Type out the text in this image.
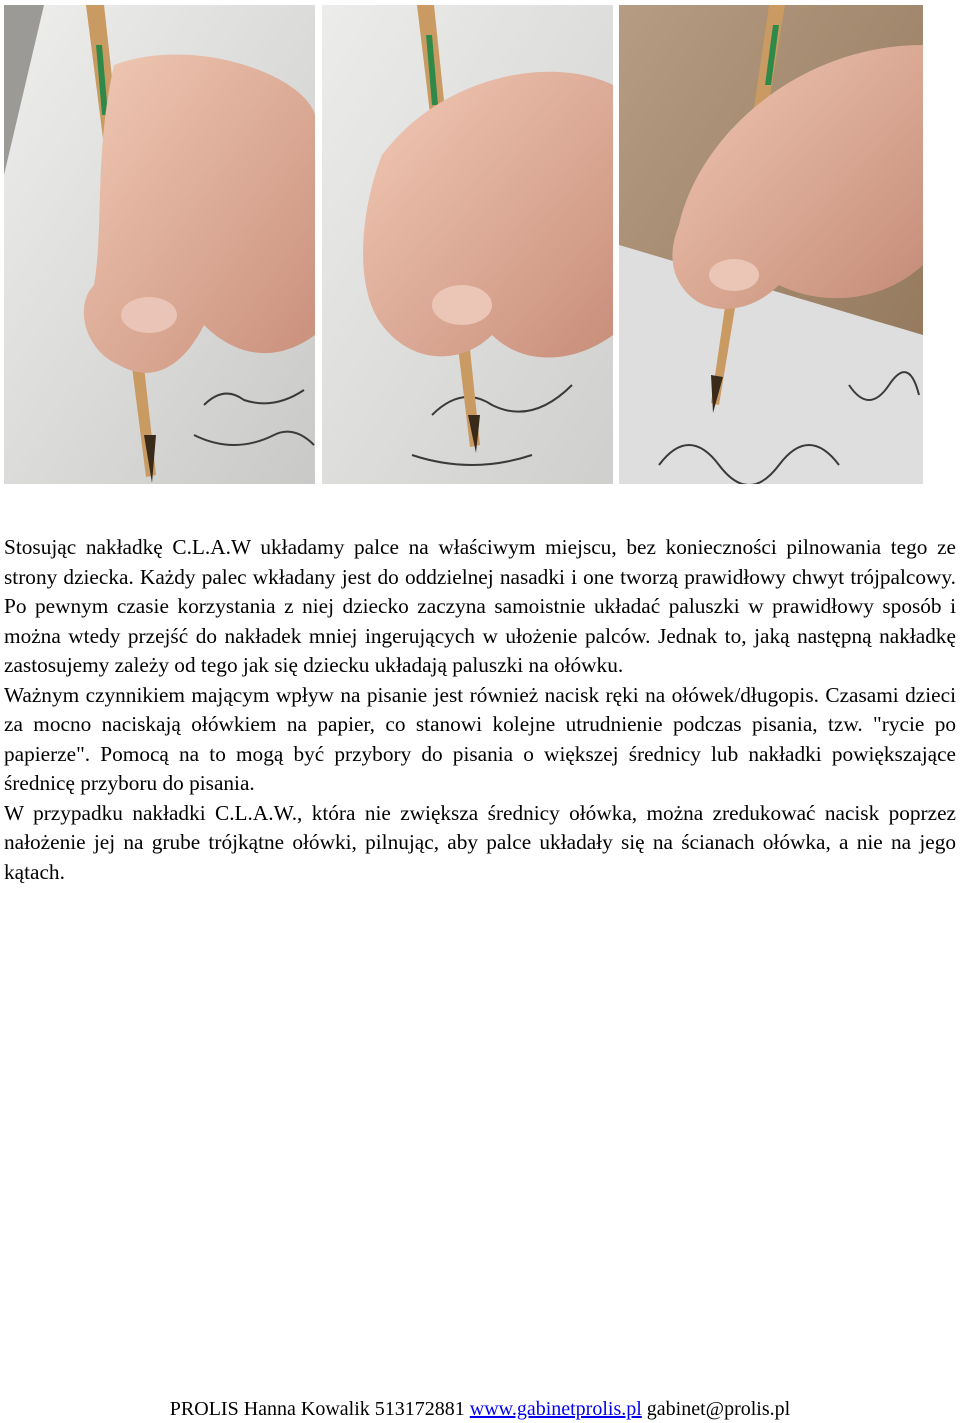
Stosując nakładkę C.L.A.W układamy palce na właściwym miejscu, bez konieczności pilnowania tego ze strony dziecka. Każdy palec wkładany jest do oddzielnej nasadki i one tworzą prawidłowy chwyt trójpalcowy. Po pewnym czasie korzystania z niej dziecko zaczyna samoistnie układać paluszki w prawidłowy sposób i można wtedy przejść do nakładek mniej ingerujących w ułożenie palców. Jednak to, jaką następną nakładkę zastosujemy zależy od tego jak się dziecku układają paluszki na ołówku.

Ważnym czynnikiem mającym wpływ na pisanie jest również nacisk ręki na ołówek/długopis. Czasami dzieci za mocno naciskają ołówkiem na papier, co stanowi kolejne utrudnienie podczas pisania, tzw. "rycie po papierze". Pomocą na to mogą być przybory do pisania o większej średnicy lub nakładki powiększające średnicę przyboru do pisania.

W przypadku nakładki C.L.A.W., która nie zwiększa średnicy ołówka, można zredukować nacisk poprzez nałożenie jej na grube trójkątne ołówki, pilnując, aby palce układały się na ścianach ołówka, a nie na jego kątach.

PROLIS Hanna Kowalik 513172881 www.gabinetprolis.pl gabinet@prolis.pl
